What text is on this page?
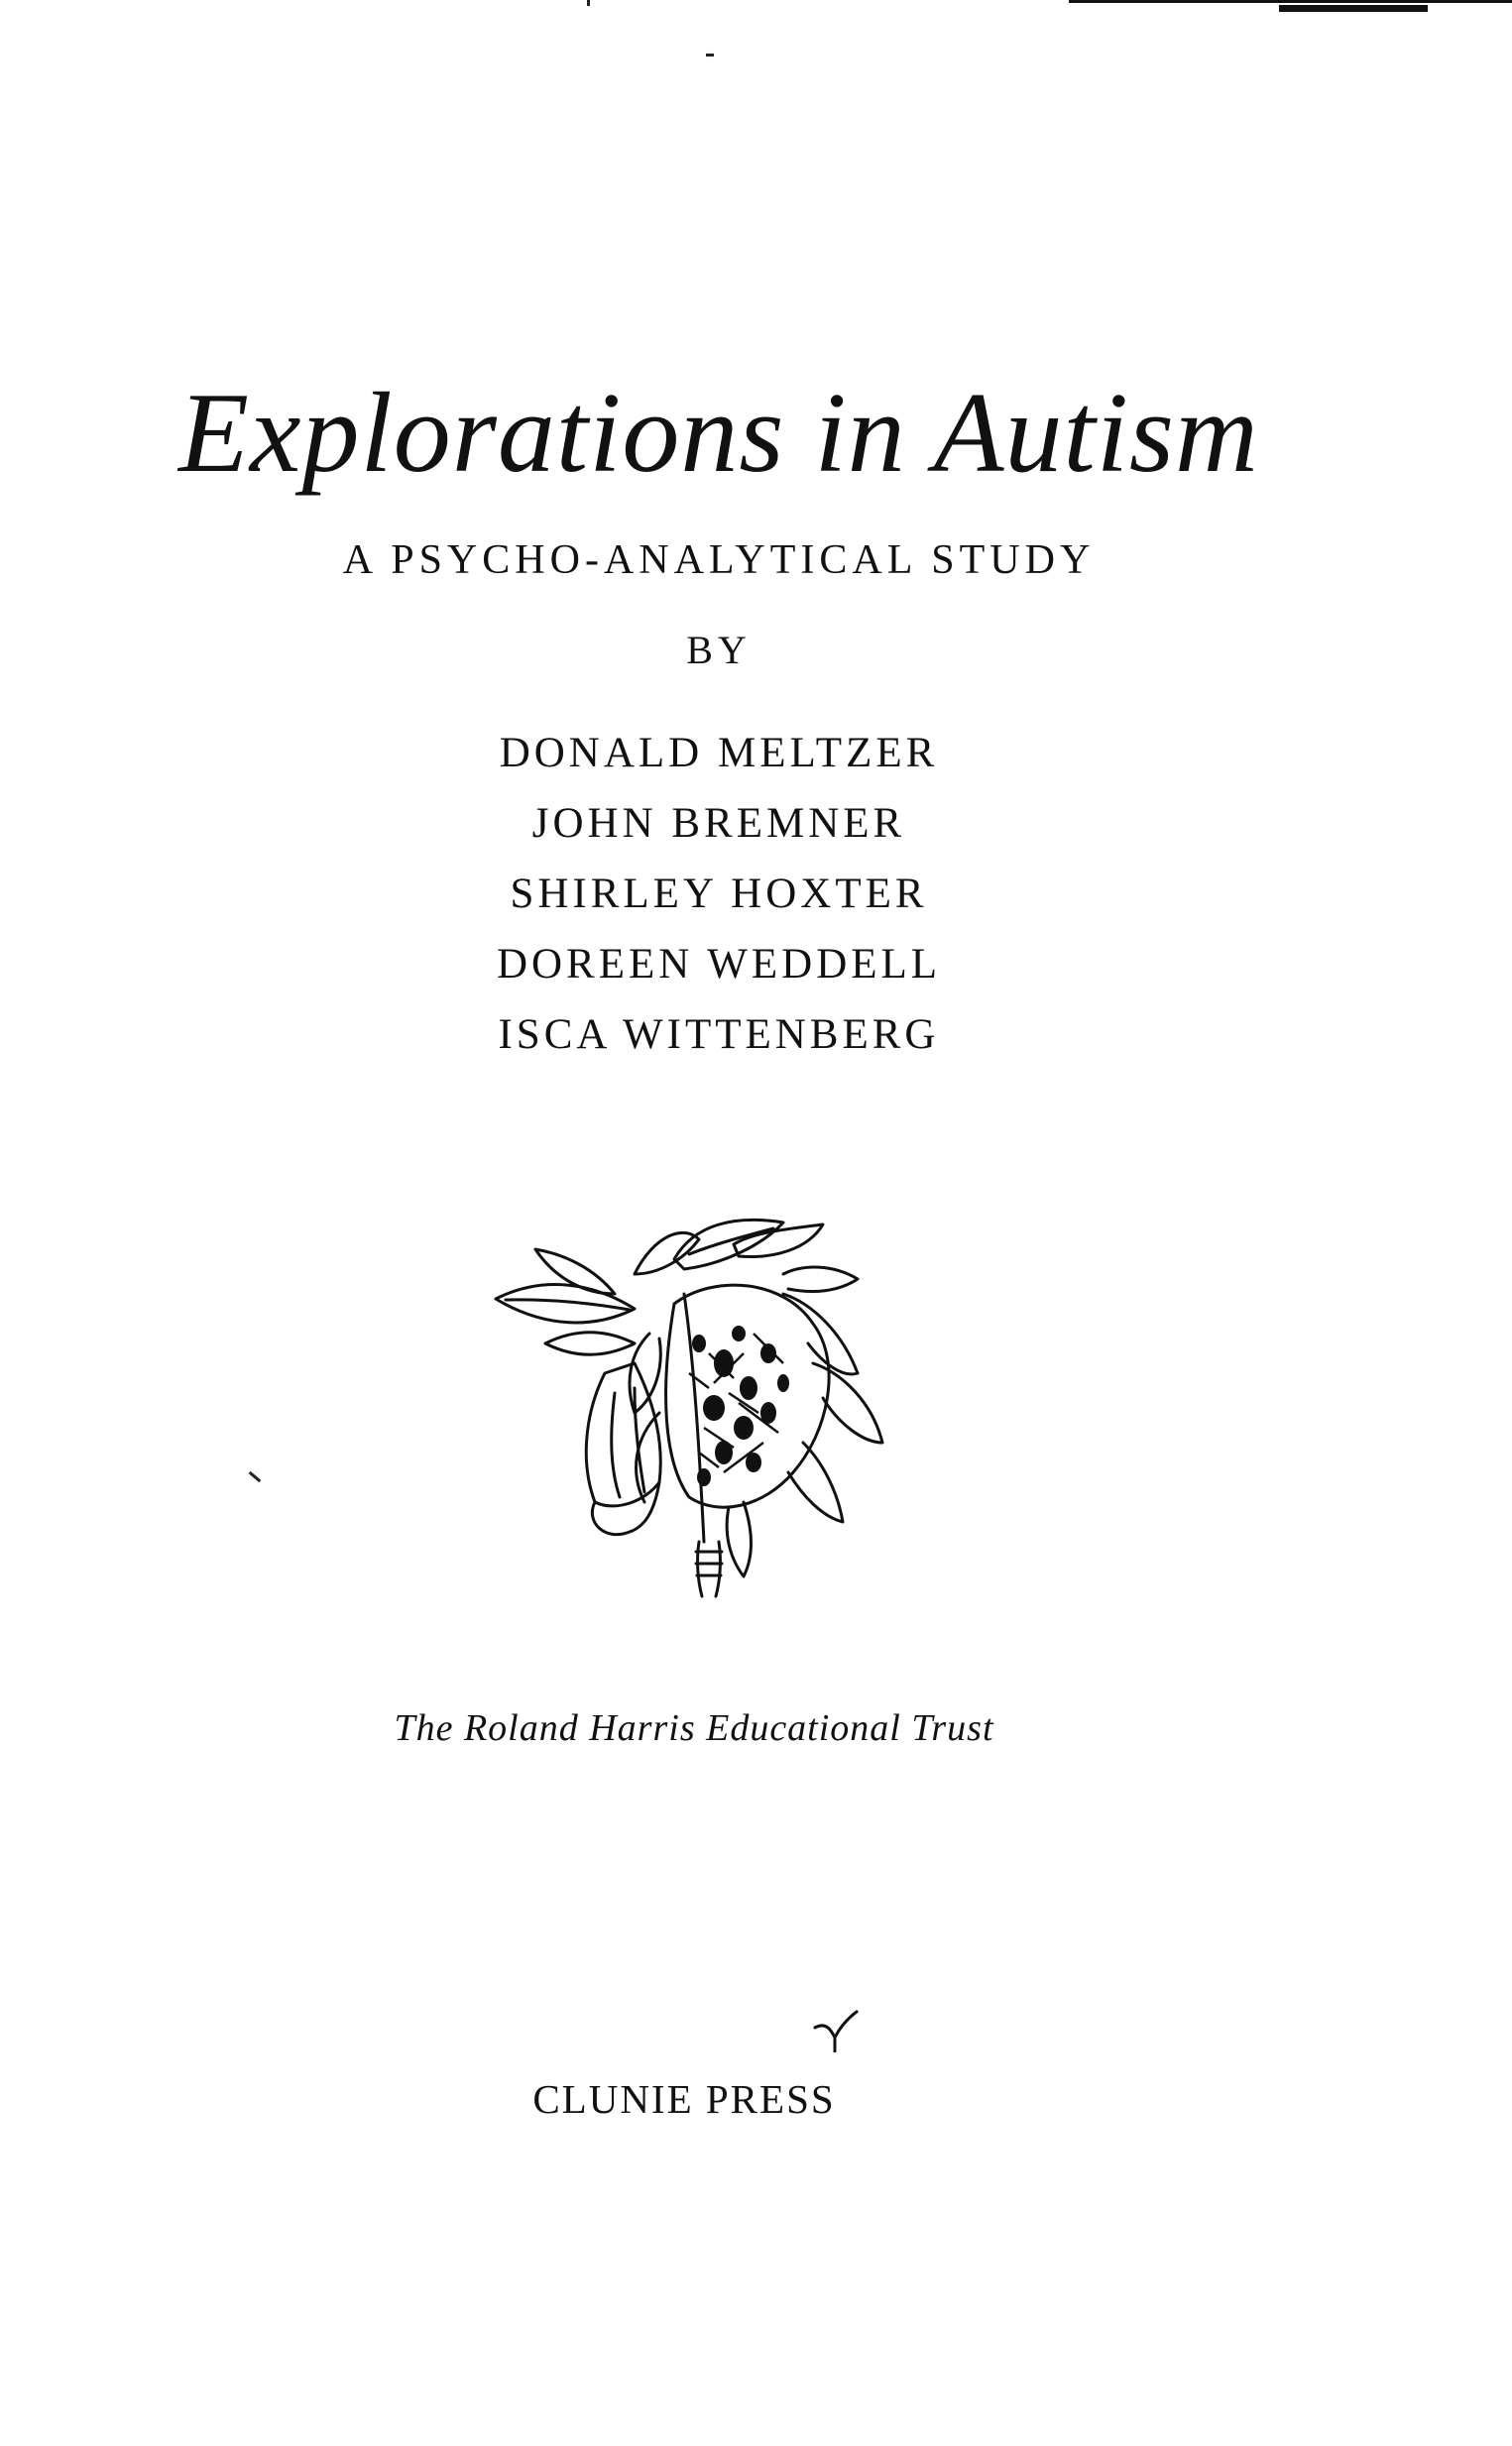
Explorations in Autism
A PSYCHO-ANALYTICAL STUDY
BY
DONALD MELTZER
JOHN BREMNER
SHIRLEY HOXTER
DOREEN WEDDELL
ISCA WITTENBERG
The Roland Harris Educational Trust
CLUNIE PRESS
